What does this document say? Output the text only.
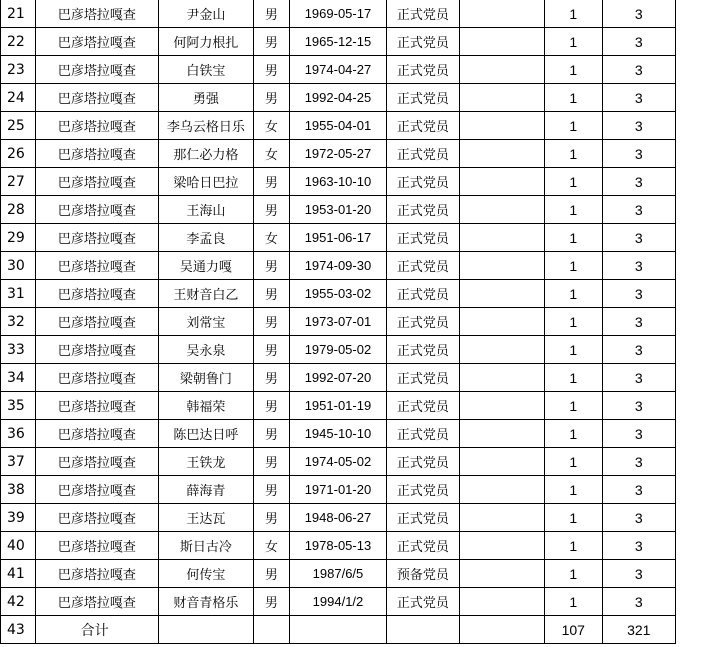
21	巴彦塔拉嘎查	尹金山	男	1969-05-17	正式党员		1	3
22	巴彦塔拉嘎查	何阿力根扎	男	1965-12-15	正式党员		1	3
23	巴彦塔拉嘎查	白铁宝	男	1974-04-27	正式党员		1	3
24	巴彦塔拉嘎查	勇强	男	1992-04-25	正式党员		1	3
25	巴彦塔拉嘎查	李乌云格日乐	女	1955-04-01	正式党员		1	3
26	巴彦塔拉嘎查	那仁必力格	女	1972-05-27	正式党员		1	3
27	巴彦塔拉嘎查	梁哈日巴拉	男	1963-10-10	正式党员		1	3
28	巴彦塔拉嘎查	王海山	男	1953-01-20	正式党员		1	3
29	巴彦塔拉嘎查	李孟良	女	1951-06-17	正式党员		1	3
30	巴彦塔拉嘎查	吴通力嘎	男	1974-09-30	正式党员		1	3
31	巴彦塔拉嘎查	王财音白乙	男	1955-03-02	正式党员		1	3
32	巴彦塔拉嘎查	刘常宝	男	1973-07-01	正式党员		1	3
33	巴彦塔拉嘎查	吴永泉	男	1979-05-02	正式党员		1	3
34	巴彦塔拉嘎查	梁朝鲁门	男	1992-07-20	正式党员		1	3
35	巴彦塔拉嘎查	韩福荣	男	1951-01-19	正式党员		1	3
36	巴彦塔拉嘎查	陈巴达日呼	男	1945-10-10	正式党员		1	3
37	巴彦塔拉嘎查	王铁龙	男	1974-05-02	正式党员		1	3
38	巴彦塔拉嘎查	薛海青	男	1971-01-20	正式党员		1	3
39	巴彦塔拉嘎查	王达瓦	男	1948-06-27	正式党员		1	3
40	巴彦塔拉嘎查	斯日古冷	女	1978-05-13	正式党员		1	3
41	巴彦塔拉嘎查	何传宝	男	1987/6/5	预备党员		1	3
42	巴彦塔拉嘎查	财音青格乐	男	1994/1/2	正式党员		1	3
43	合计						107	321
